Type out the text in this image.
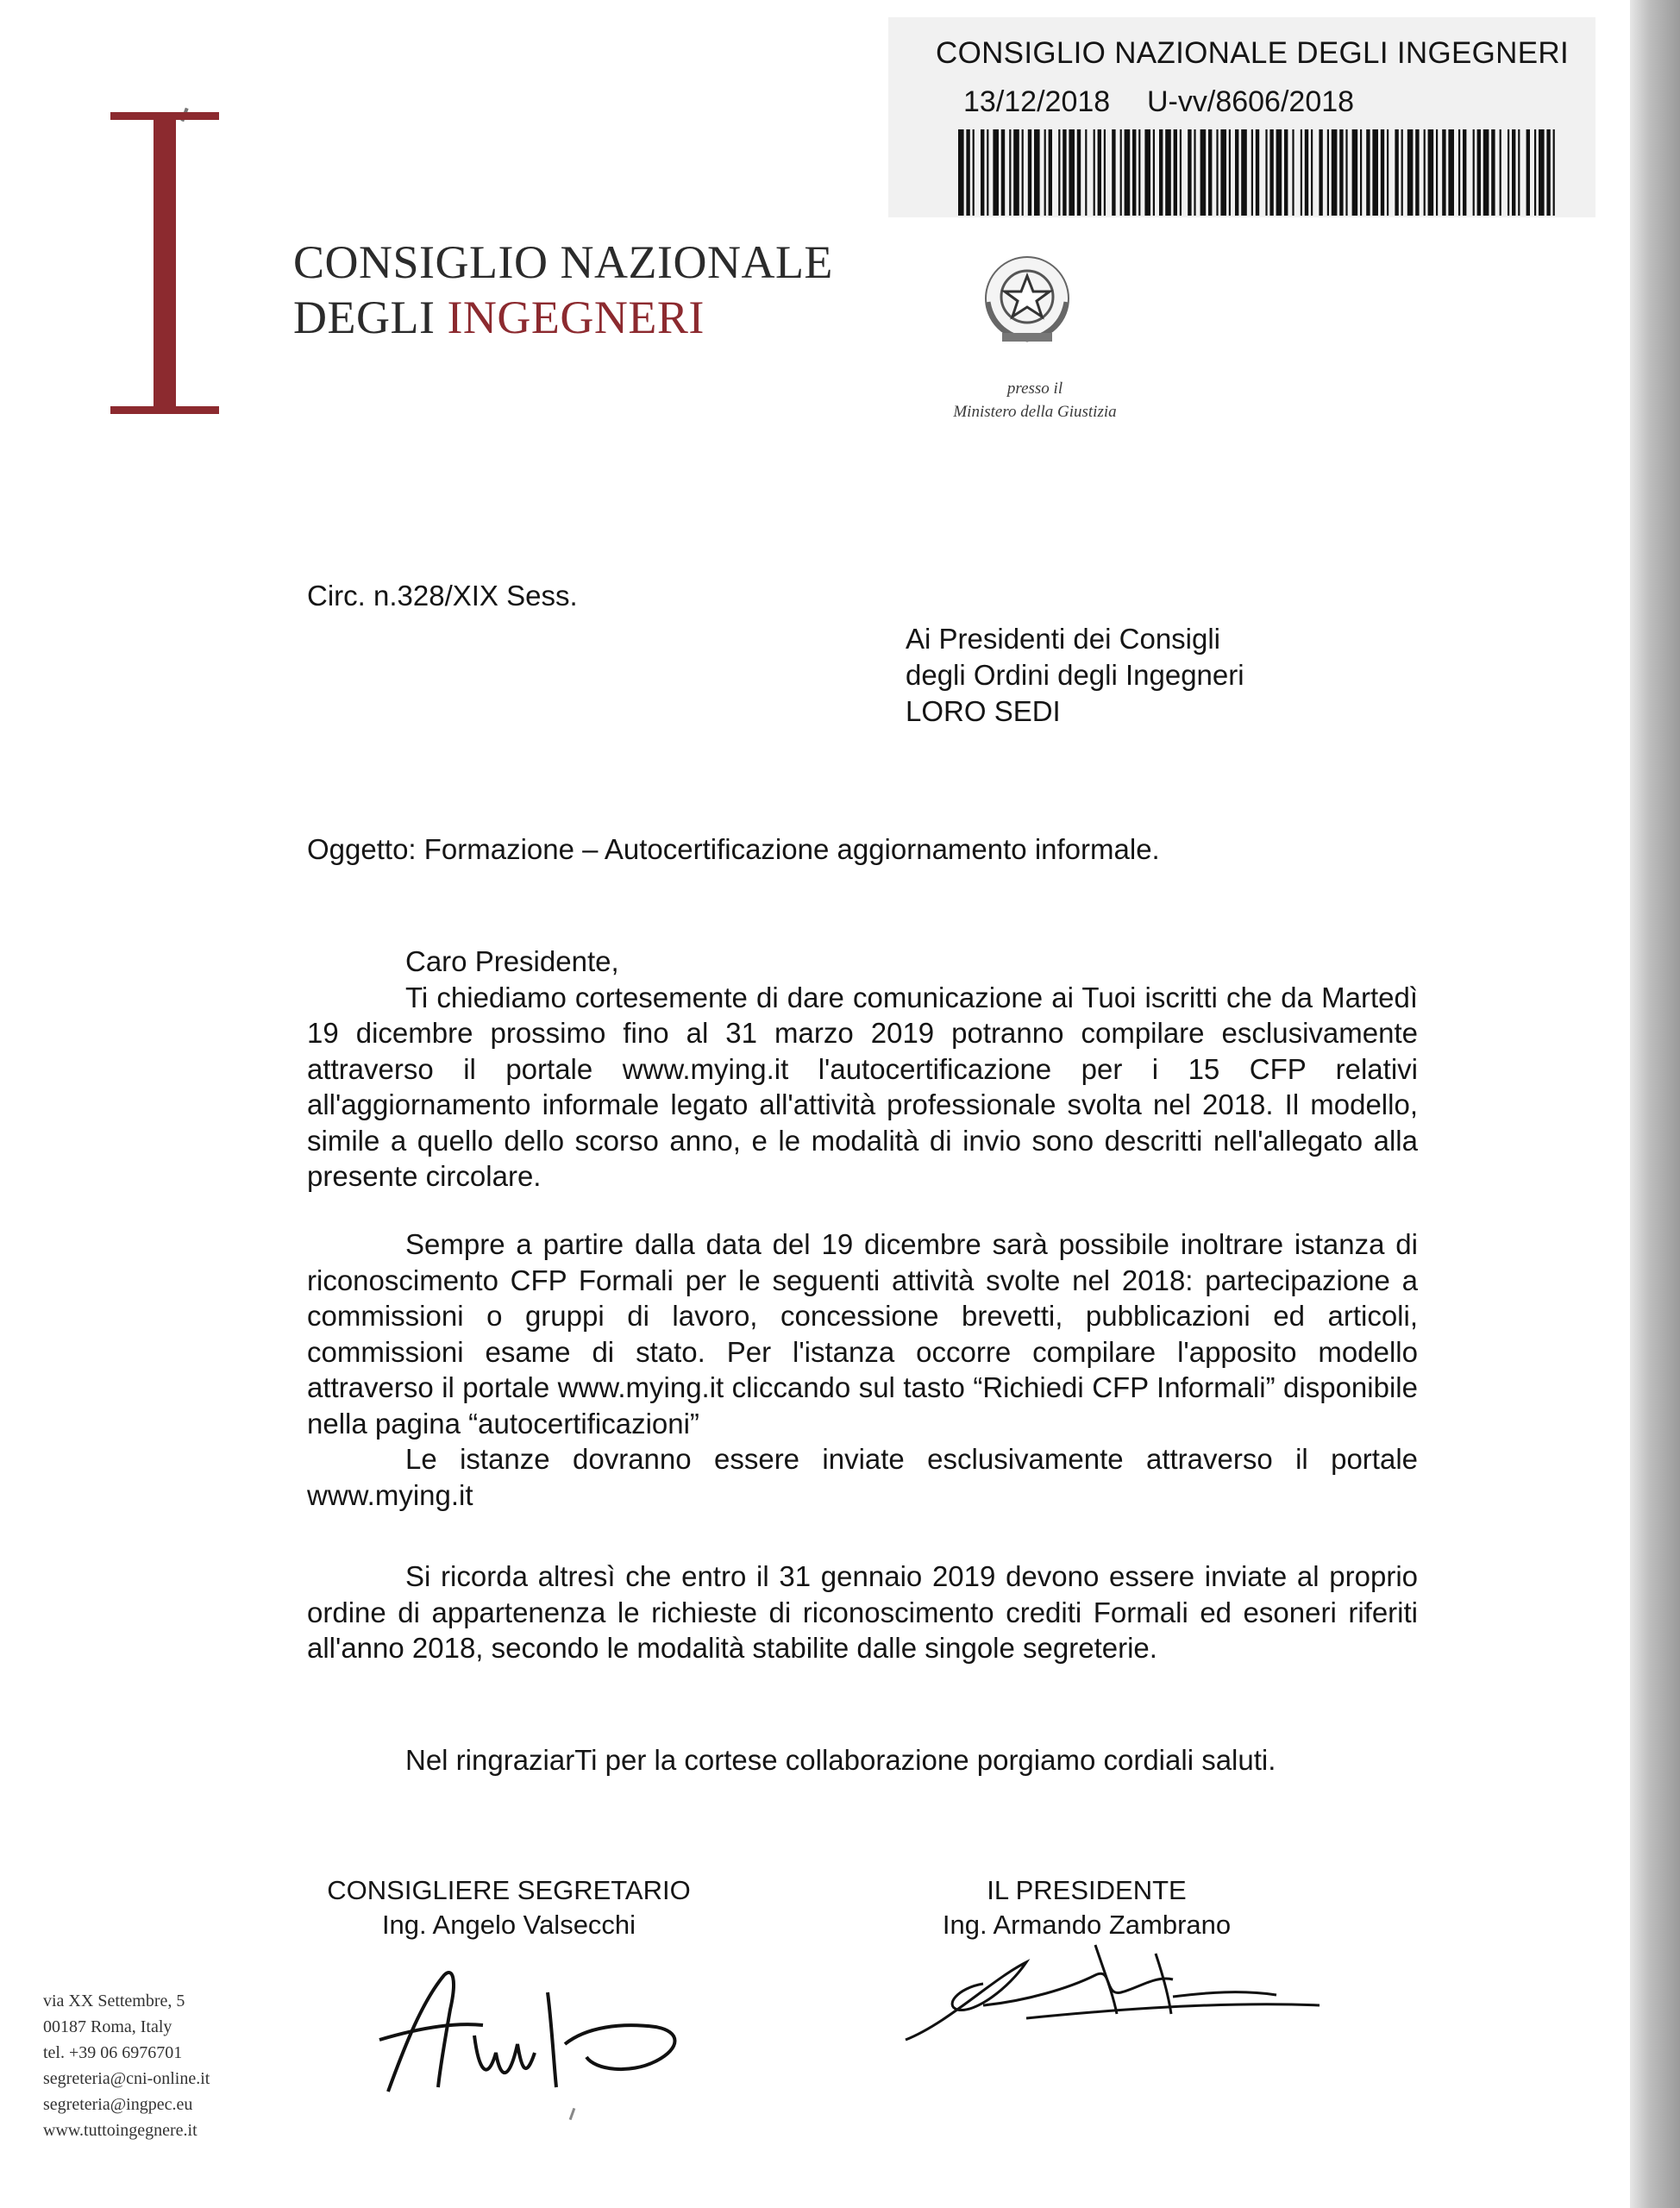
CONSIGLIO NAZIONALE DEGLI INGEGNERI
13/12/2018 U-vv/8606/2018
CONSIGLIO NAZIONALE
DEGLI INGEGNERI
presso il
Ministero della Giustizia
Circ. n.328/XIX Sess.
Ai Presidenti dei Consigli
degli Ordini degli Ingegneri
LORO SEDI
Oggetto: Formazione – Autocertificazione aggiornamento informale.
Caro Presidente,
Ti chiediamo cortesemente di dare comunicazione ai Tuoi iscritti che da Martedì 19 dicembre prossimo fino al 31 marzo 2019 potranno compilare esclusivamente attraverso il portale www.mying.it l'autocertificazione per i 15 CFP relativi all'aggiornamento informale legato all'attività professionale svolta nel 2018. Il modello, simile a quello dello scorso anno, e le modalità di invio sono descritti nell'allegato alla presente circolare.
Sempre a partire dalla data del 19 dicembre sarà possibile inoltrare istanza di riconoscimento CFP Formali per le seguenti attività svolte nel 2018: partecipazione a commissioni o gruppi di lavoro, concessione brevetti, pubblicazioni ed articoli, commissioni esame di stato. Per l'istanza occorre compilare l'apposito modello attraverso il portale www.mying.it cliccando sul tasto “Richiedi CFP Informali” disponibile nella pagina “autocertificazioni”
Le istanze dovranno essere inviate esclusivamente attraverso il portale www.mying.it
Si ricorda altresì che entro il 31 gennaio 2019 devono essere inviate al proprio ordine di appartenenza le richieste di riconoscimento crediti Formali ed esoneri riferiti all'anno 2018, secondo le modalità stabilite dalle singole segreterie.
Nel ringraziarTi per la cortese collaborazione porgiamo cordiali saluti.
CONSIGLIERE SEGRETARIO
Ing. Angelo Valsecchi
IL PRESIDENTE
Ing. Armando Zambrano
via XX Settembre, 5
00187 Roma, Italy
tel. +39 06 6976701
segreteria@cni-online.it
segreteria@ingpec.eu
www.tuttoingegnere.it
